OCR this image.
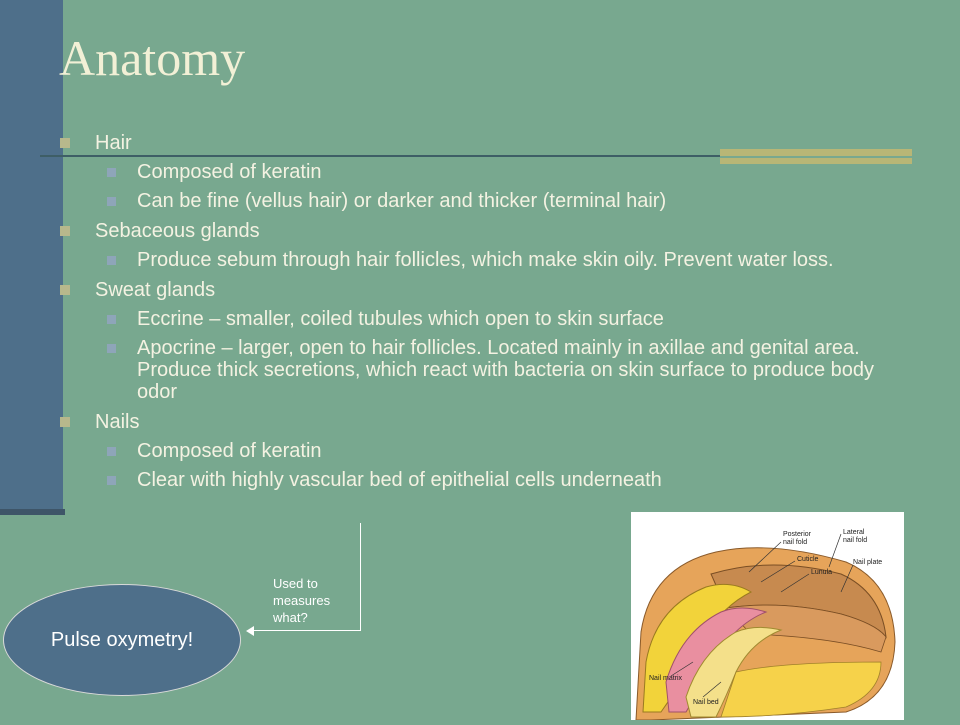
Anatomy
Hair
Composed of keratin
Can be fine (vellus hair) or darker and thicker (terminal hair)
Sebaceous glands
Produce sebum through hair follicles, which make skin oily. Prevent water loss.
Sweat glands
Eccrine – smaller, coiled tubules which open to skin surface
Apocrine – larger, open to hair follicles. Located mainly in axillae and genital area. Produce thick secretions, which react with bacteria on skin surface to produce body odor
Nails
Composed of keratin
Clear with highly vascular bed of epithelial cells underneath
Used to
measures
what?
Pulse oxymetry!
Posterior
nail fold
Cuticle
Lunula
Lateral
nail fold
Nail plate
Nail matrix
Nail bed
